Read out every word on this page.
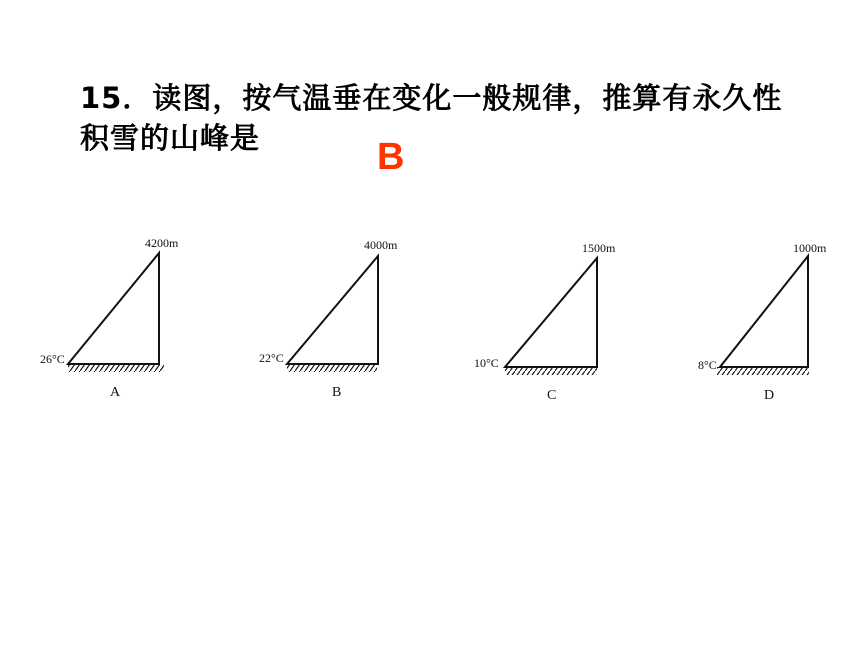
15．读图，按气温垂在变化一般规律，推算有永久性积雪的山峰是	B
4200m
26°C
A
4000m
22°C
B
1500m
10°C
C
1000m
8°C
D
